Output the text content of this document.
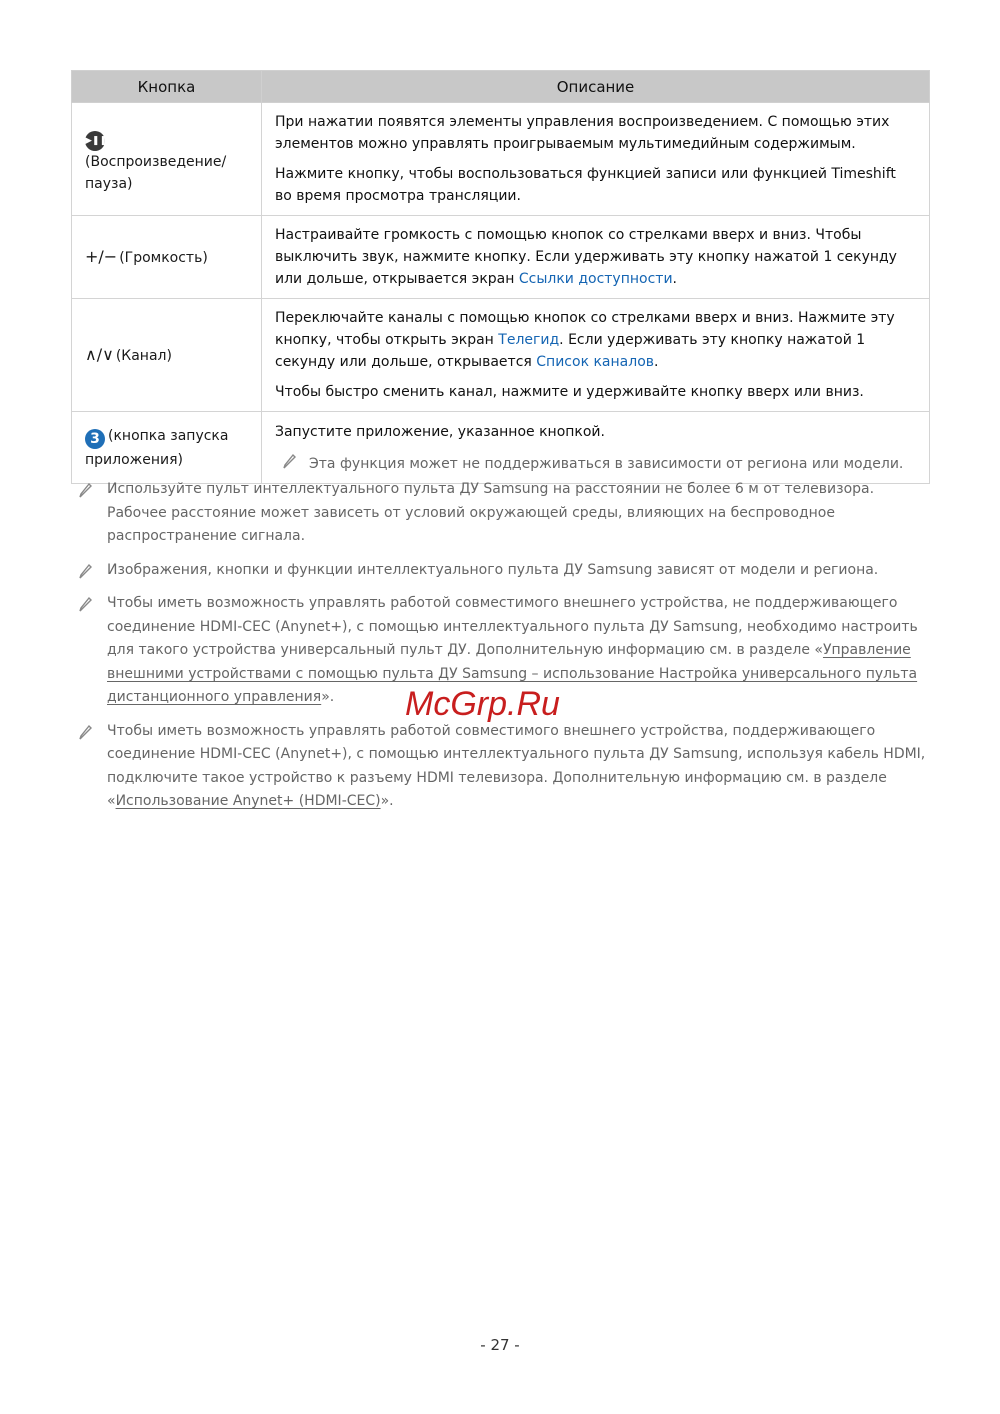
Кнопка	Описание
▶❚❚(Воспроизведение/ пауза)	При нажатии появятся элементы управления воспроизведением. С помощью этих элементов можно управлять проигрываемым мультимедийным содержимым.

Нажмите кнопку, чтобы воспользоваться функцией записи или функцией Timeshift во время просмотра трансляции.

+/− (Громкость)	Настраивайте громкость с помощью кнопок со стрелками вверх и вниз. Чтобы выключить звук, нажмите кнопку. Если удерживать эту кнопку нажатой 1 секунду или дольше, открывается экран Ссылки доступности.

∧/∨ (Канал)	Переключайте каналы с помощью кнопок со стрелками вверх и вниз. Нажмите эту кнопку, чтобы открыть экран Телегид. Если удерживать эту кнопку нажатой 1 секунду или дольше, открывается Список каналов.

Чтобы быстро сменить канал, нажмите и удерживайте кнопку вверх или вниз.

3 (кнопка запуска приложения)	Запустите приложение, указанное кнопкой.

Эта функция может не поддерживаться в зависимости от региона или модели.

Используйте пульт интеллектуального пульта ДУ Samsung на расстоянии не более 6 м от телевизора. Рабочее расстояние может зависеть от условий окружающей среды, влияющих на беспроводное распространение сигнала.
Изображения, кнопки и функции интеллектуального пульта ДУ Samsung зависят от модели и региона.
Чтобы иметь возможность управлять работой совместимого внешнего устройства, не поддерживающего соединение HDMI-CEC (Anynet+), с помощью интеллектуального пульта ДУ Samsung, необходимо настроить для такого устройства универсальный пульт ДУ. Дополнительную информацию см. в разделе «Управление внешними устройствами с помощью пульта ДУ Samsung – использование Настройка универсального пульта дистанционного управления».
Чтобы иметь возможность управлять работой совместимого внешнего устройства, поддерживающего соединение HDMI-CEC (Anynet+), с помощью интеллектуального пульта ДУ Samsung, используя кабель HDMI, подключите такое устройство к разъему HDMI телевизора. Дополнительную информацию см. в разделе «Использование Anynet+ (HDMI-CEC)».
McGrp.Ru
- 27 -
